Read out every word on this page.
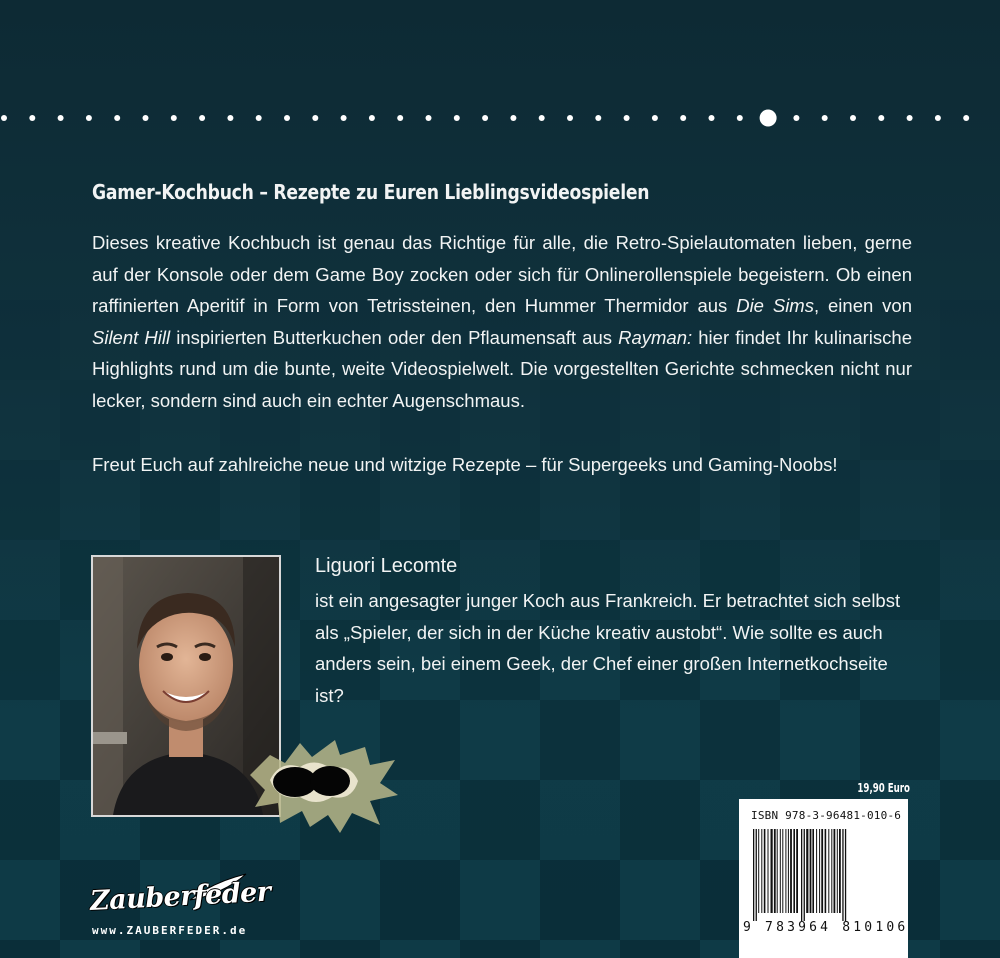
Gamer-Kochbuch – Rezepte zu Euren Lieblingsvideospielen
Dieses kreative Kochbuch ist genau das Richtige für alle, die Retro-Spielautomaten lieben, gerne auf der Konsole oder dem Game Boy zocken oder sich für Onlinerollenspiele begeistern. Ob einen raffinierten Aperitif in Form von Tetrissteinen, den Hummer Thermidor aus Die Sims, einen von Silent Hill inspirierten Butterkuchen oder den Pflaumensaft aus Rayman: hier findet Ihr kulinarische Highlights rund um die bunte, weite Videospielwelt. Die vorgestellten Gerichte schmecken nicht nur lecker, sondern sind auch ein echter Augenschmaus.
Freut Euch auf zahlreiche neue und witzige Rezepte – für Supergeeks und Gaming-Noobs!
Liguori Lecomte
ist ein angesagter junger Koch aus Frankreich. Er betrachtet sich selbst als „Spieler, der sich in der Küche kreativ austobt“. Wie sollte es auch anders sein, bei einem Geek, der Chef einer großen Internetkochseite ist?
19,90 Euro
ISBN 978-3-96481-010-6
9 783964 810106
Zauberfeder
www.ZAUBERFEDER.de
